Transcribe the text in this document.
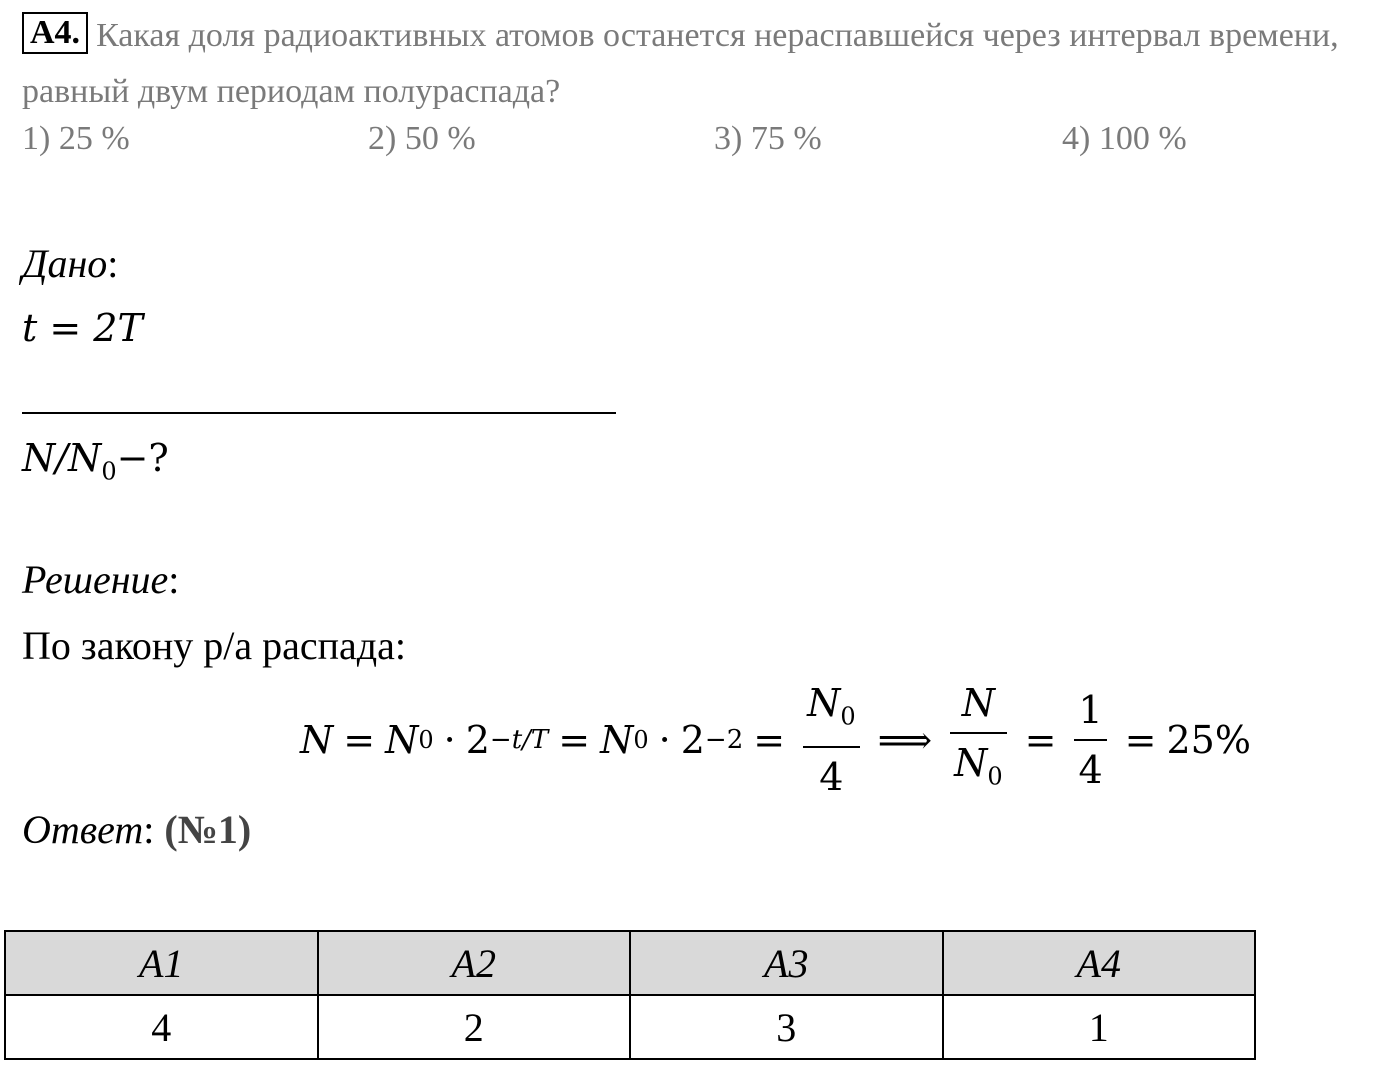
A4. Какая доля радиоактивных атомов останется нераспавшейся через интервал времени, равный двум периодам полураспада?
1) 25 %	2) 50 %	3) 75 %	4) 100 %
Дано:
t = 2T
$N/N_0-$?
Решение:
По закону р/а распада:
N = N 0 · 2 −t/T = N $0 \cdot 2 -2 = \frac{N_0}{4}$ ⟹ $\frac{N}{N_0} = \frac{1}{4} = 25\%$
Ответ: (№1)
A1	A2	A3	A4
4	2	3	1
